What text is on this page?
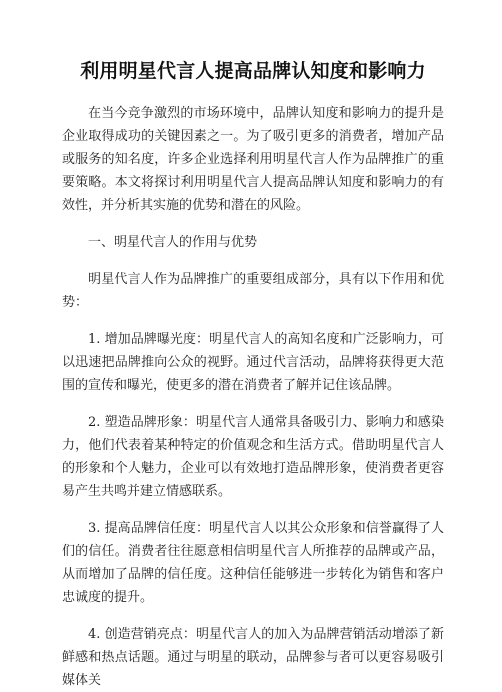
利用明星代言人提高品牌认知度和影响力

在当今竞争激烈的市场环境中，品牌认知度和影响力的提升是企业取得成功的关键因素之一。为了吸引更多的消费者，增加产品或服务的知名度，许多企业选择利用明星代言人作为品牌推广的重要策略。本文将探讨利用明星代言人提高品牌认知度和影响力的有效性，并分析其实施的优势和潜在的风险。

一、明星代言人的作用与优势

明星代言人作为品牌推广的重要组成部分，具有以下作用和优势：

1. 增加品牌曝光度：明星代言人的高知名度和广泛影响力，可以迅速把品牌推向公众的视野。通过代言活动，品牌将获得更大范围的宣传和曝光，使更多的潜在消费者了解并记住该品牌。

2. 塑造品牌形象：明星代言人通常具备吸引力、影响力和感染力，他们代表着某种特定的价值观念和生活方式。借助明星代言人的形象和个人魅力，企业可以有效地打造品牌形象，使消费者更容易产生共鸣并建立情感联系。

3. 提高品牌信任度：明星代言人以其公众形象和信誉赢得了人们的信任。消费者往往愿意相信明星代言人所推荐的品牌或产品，从而增加了品牌的信任度。这种信任能够进一步转化为销售和客户忠诚度的提升。

4. 创造营销亮点：明星代言人的加入为品牌营销活动增添了新鲜感和热点话题。通过与明星的联动，品牌参与者可以更容易吸引媒体关
